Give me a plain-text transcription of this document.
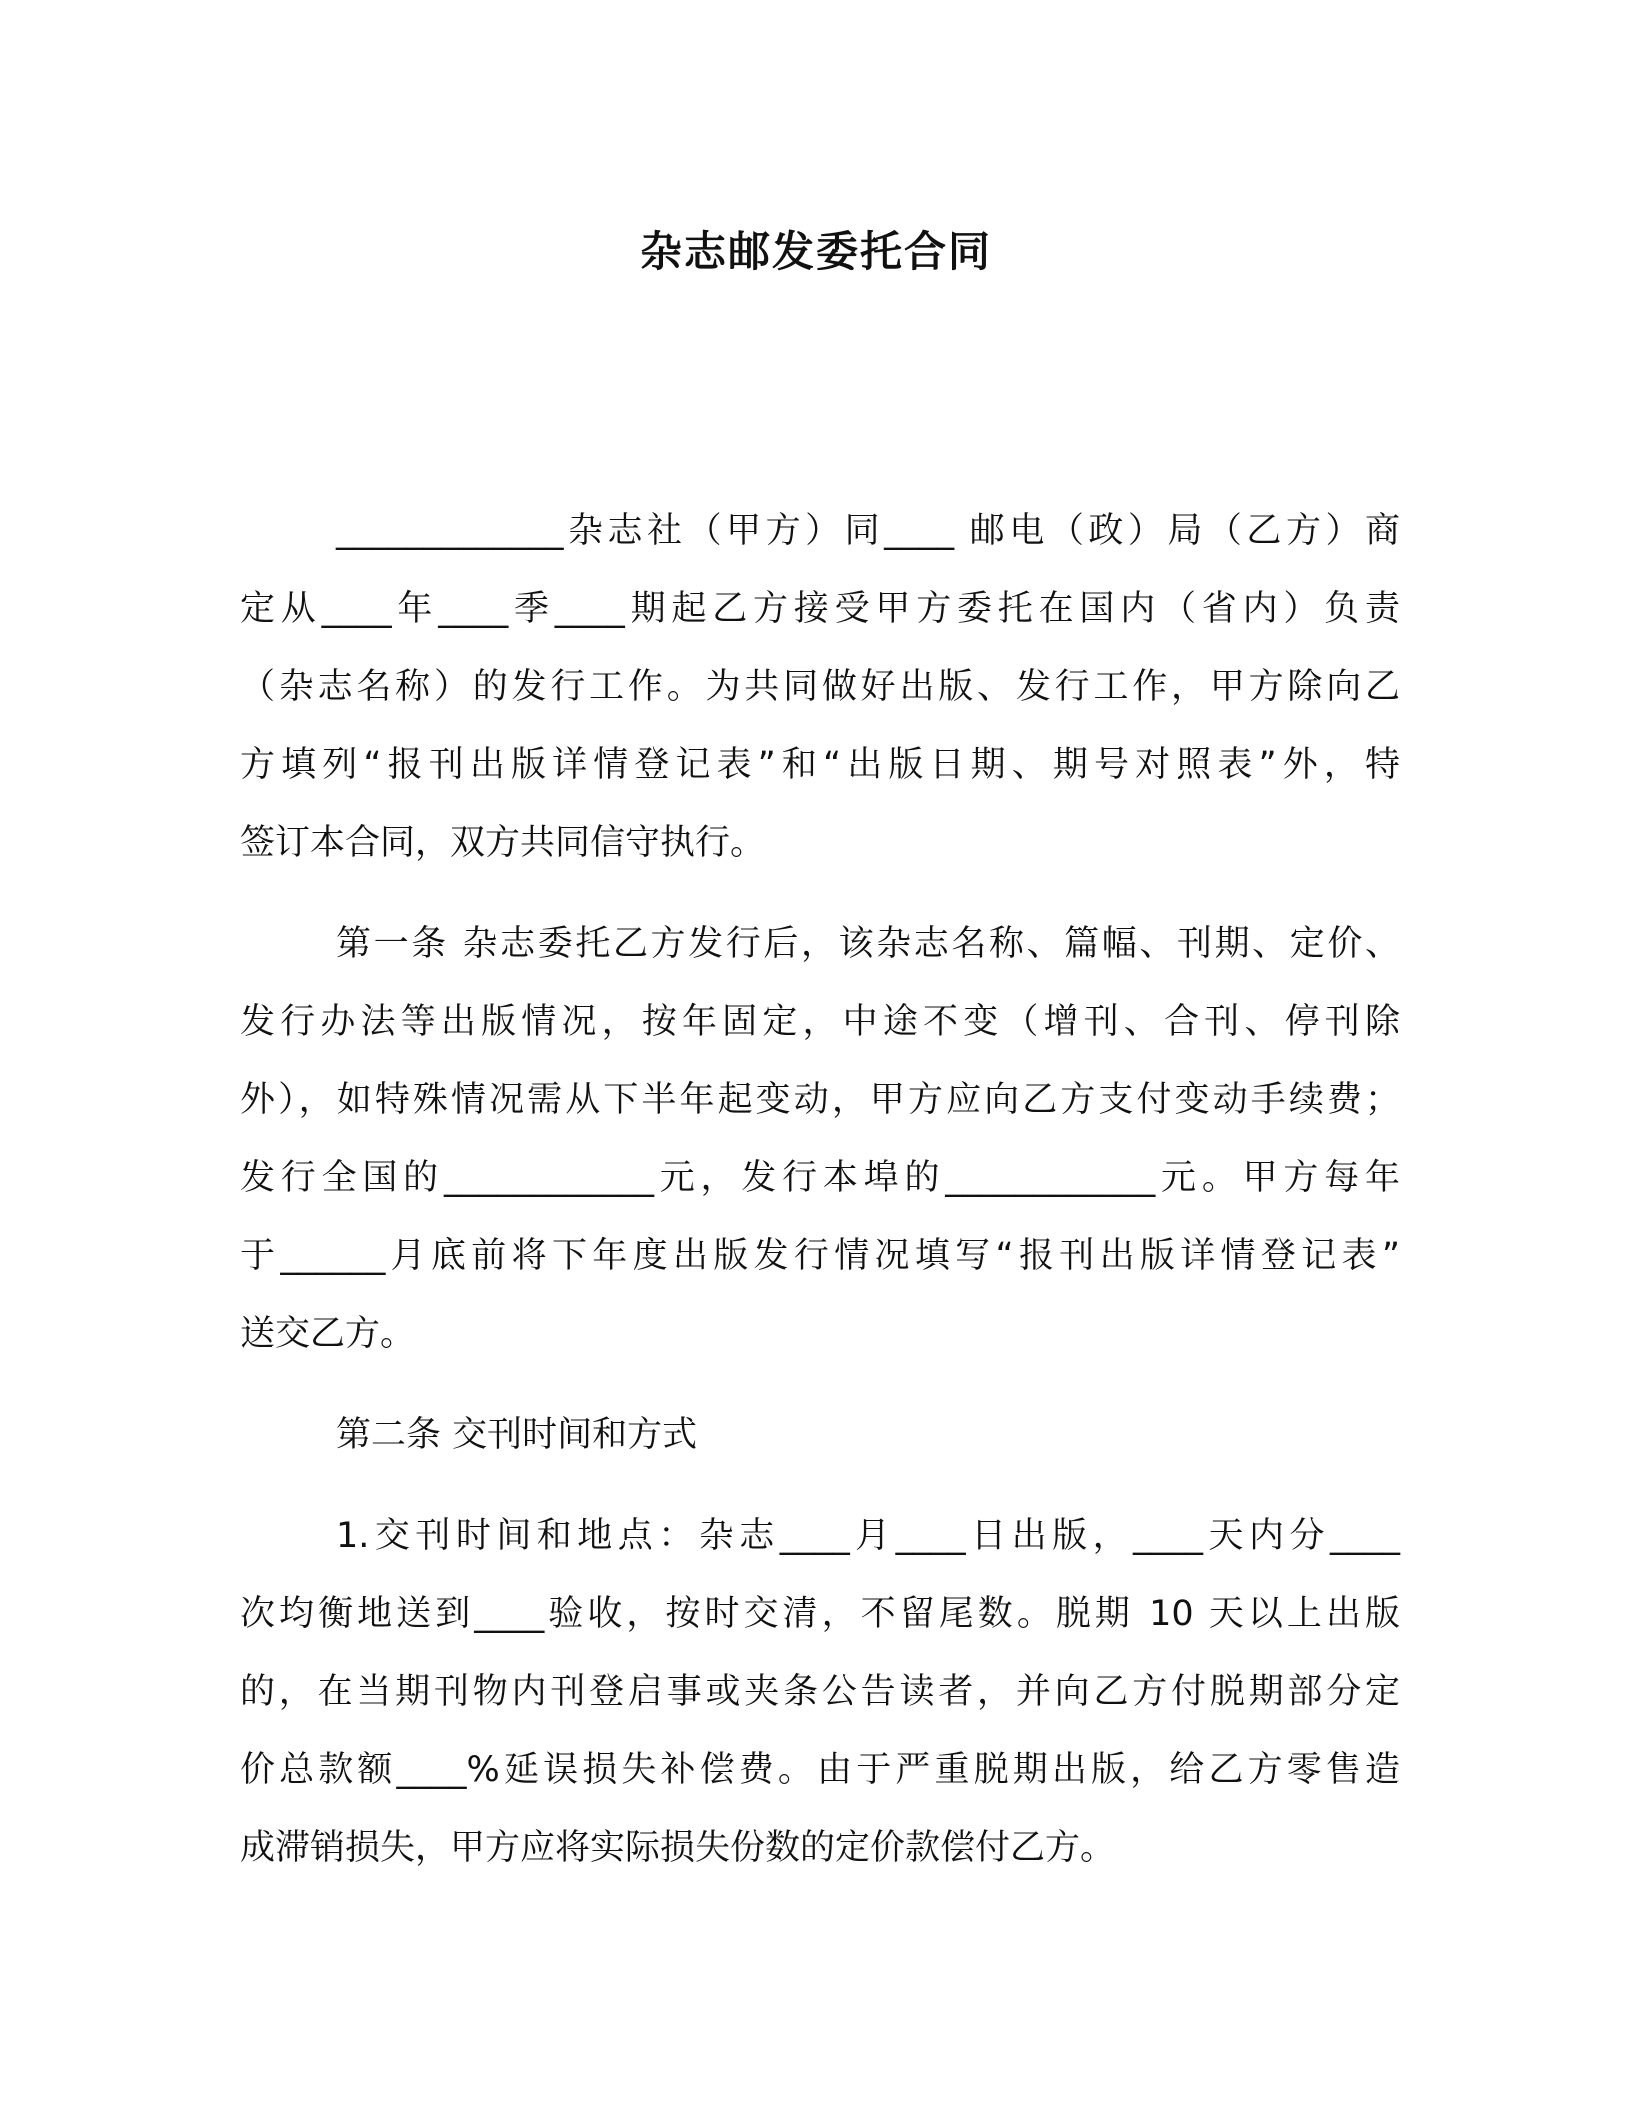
杂志邮发委托合同
_____________杂志社（甲方）同____ 邮电（政）局（乙方）商
定从____年____季____期起乙方接受甲方委托在国内（省内）负责
（杂志名称）的发行工作。为共同做好出版、发行工作，甲方除向乙
方填列“报刊出版详情登记表”和“出版日期、期号对照表”外，特
签订本合同，双方共同信守执行。
第一条 杂志委托乙方发行后，该杂志名称、篇幅、刊期、定价、
发行办法等出版情况，按年固定，中途不变（增刊、合刊、停刊除
外），如特殊情况需从下半年起变动，甲方应向乙方支付变动手续费；
发行全国的____________元，发行本埠的____________元。甲方每年
于______月底前将下年度出版发行情况填写“报刊出版详情登记表”
送交乙方。
第二条 交刊时间和方式
1.交刊时间和地点：杂志____月____日出版，____天内分____
次均衡地送到____验收，按时交清，不留尾数。脱期 10 天以上出版
的，在当期刊物内刊登启事或夹条公告读者，并向乙方付脱期部分定
价总款额____%延误损失补偿费。由于严重脱期出版，给乙方零售造
成滞销损失，甲方应将实际损失份数的定价款偿付乙方。
